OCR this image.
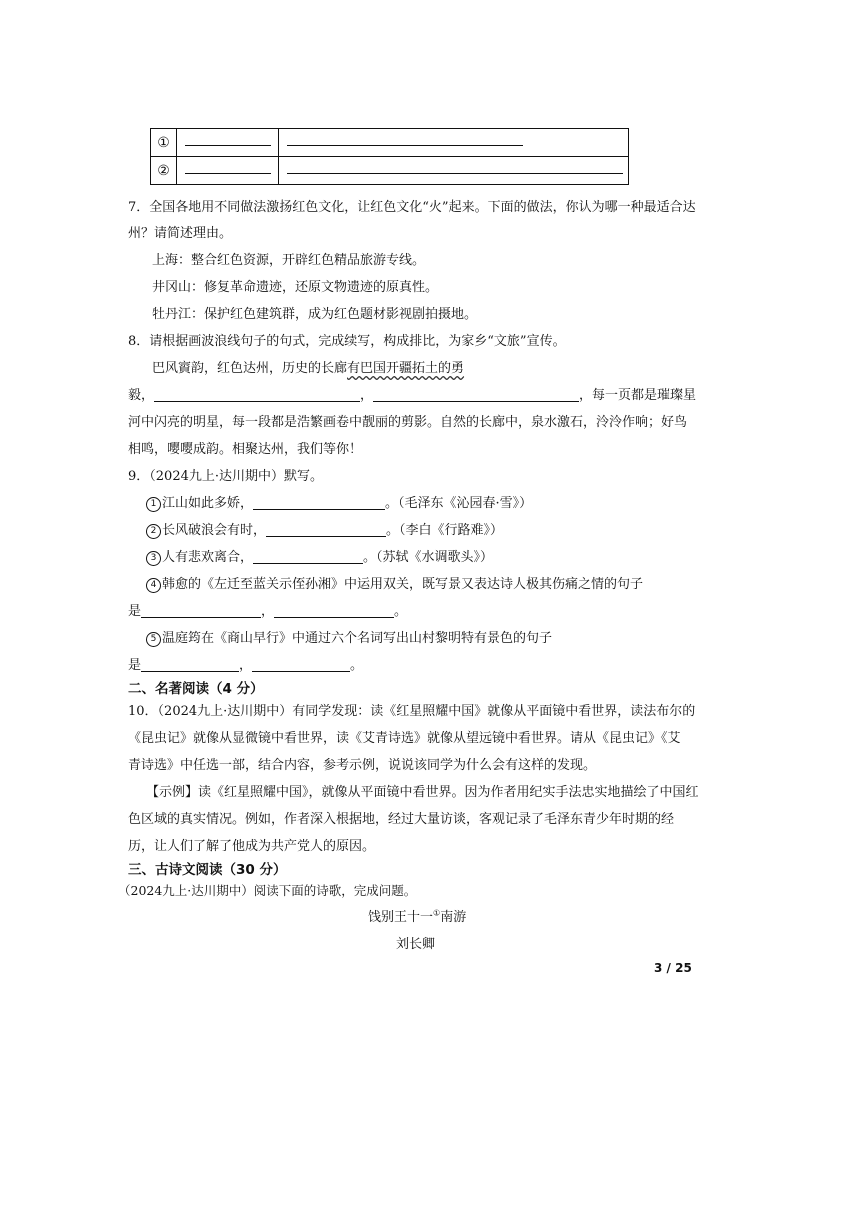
①		
②		
7．全国各地用不同做法激扬红色文化，让红色文化“火”起来。下面的做法，你认为哪一种最适合达
州？请简述理由。
上海：整合红色资源，开辟红色精品旅游专线。
井冈山：修复革命遗迹，还原文物遗迹的原真性。
牡丹江：保护红色建筑群，成为红色题材影视剧拍摄地。
8．请根据画波浪线句子的句式，完成续写，构成排比，为家乡“文旅”宣传。
巴风賨韵，红色达州，历史的长廊有巴国开疆拓土的勇
毅，	，	，每一页都是璀璨星
河中闪亮的明星，每一段都是浩繁画卷中靓丽的剪影。自然的长廊中，泉水激石，泠泠作响；好鸟
相鸣，嘤嘤成韵。相聚达州，我们等你！
9．（2024九上·达川期中）默写。
1 江山如此多娇，	。（毛泽东《沁园春·雪》）
2 长风破浪会有时，	。（李白《行路难》）
3 人有悲欢离合，	。（苏轼《水调歌头》）
4 韩愈的《左迁至蓝关示侄孙湘》中运用双关，既写景又表达诗人极其伤痛之情的句子
是	，	。
5 温庭筠在《商山早行》中通过六个名词写出山村黎明特有景色的句子
是	，	。
二、名著阅读（4 分）
10．（2024九上·达川期中）有同学发现：读《红星照耀中国》就像从平面镜中看世界，读法布尔的
《昆虫记》就像从显微镜中看世界，读《艾青诗选》就像从望远镜中看世界。请从《昆虫记》《艾
青诗选》中任选一部，结合内容，参考示例，说说该同学为什么会有这样的发现。
【示例】读《红星照耀中国》，就像从平面镜中看世界。因为作者用纪实手法忠实地描绘了中国红
色区域的真实情况。例如，作者深入根据地，经过大量访谈，客观记录了毛泽东青少年时期的经
历，让人们了解了他成为共产党人的原因。
三、古诗文阅读（30 分）
（2024九上·达川期中）阅读下面的诗歌，完成问题。
饯别王十一①南游
刘长卿
3 / 25
